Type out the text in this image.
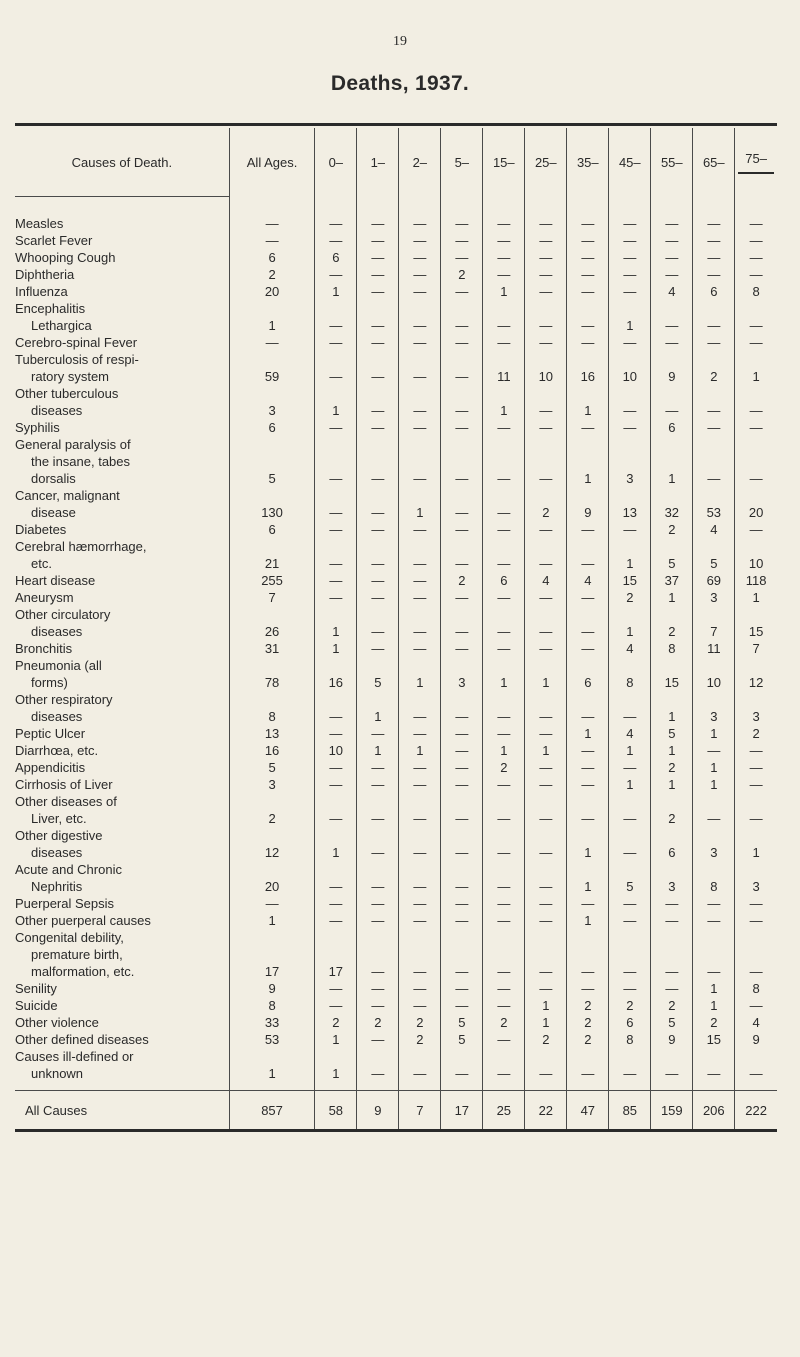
19
Deaths, 1937.

Causes of Death.	All Ages.	0–	1–	2–	5–	15–	25–	35–	45–	55–	65–	75–

Measles	—	—	—	—	—	—	—	—	—	—	—	—

Scarlet Fever	—	—	—	—	—	—	—	—	—	—	—	—

Whooping Cough	6	6	—	—	—	—	—	—	—	—	—	—

Diphtheria	2	—	—	—	2	—	—	—	—	—	—	—

Influenza	20	1	—	—	—	1	—	—	—	4	6	8

Encephalitis
Lethargica	1	—	—	—	—	—	—	—	1	—	—	—

Cerebro-spinal Fever	—	—	—	—	—	—	—	—	—	—	—	—

Tuberculosis of respi-
ratory system	59	—	—	—	—	11	10	16	10	9	2	1

Other tuberculous
diseases	3	1	—	—	—	1	—	1	—	—	—	—

Syphilis	6	—	—	—	—	—	—	—	—	6	—	—

General paralysis of
the insane, tabes
dorsalis	5	—	—	—	—	—	—	1	3	1	—	—

Cancer, malignant
disease	130	—	—	1	—	—	2	9	13	32	53	20

Diabetes	6	—	—	—	—	—	—	—	—	2	4	—

Cerebral hæmorrhage,
etc.	21	—	—	—	—	—	—	—	1	5	5	10

Heart disease	255	—	—	—	2	6	4	4	15	37	69	118

Aneurysm	7	—	—	—	—	—	—	—	2	1	3	1

Other circulatory
diseases	26	1	—	—	—	—	—	—	1	2	7	15

Bronchitis	31	1	—	—	—	—	—	—	4	8	11	7

Pneumonia (all
forms)	78	16	5	1	3	1	1	6	8	15	10	12

Other respiratory
diseases	8	—	1	—	—	—	—	—	—	1	3	3

Peptic Ulcer	13	—	—	—	—	—	—	1	4	5	1	2

Diarrhœa, etc.	16	10	1	1	—	1	1	—	1	1	—	—

Appendicitis	5	—	—	—	—	2	—	—	—	2	1	—

Cirrhosis of Liver	3	—	—	—	—	—	—	—	1	1	1	—

Other diseases of
Liver, etc.	2	—	—	—	—	—	—	—	—	2	—	—

Other digestive
diseases	12	1	—	—	—	—	—	1	—	6	3	1

Acute and Chronic
Nephritis	20	—	—	—	—	—	—	1	5	3	8	3

Puerperal Sepsis	—	—	—	—	—	—	—	—	—	—	—	—

Other puerperal causes	1	—	—	—	—	—	—	1	—	—	—	—

Congenital debility,
premature birth,
malformation, etc.	17	17	—	—	—	—	—	—	—	—	—	—

Senility	9	—	—	—	—	—	—	—	—	—	1	8

Suicide	8	—	—	—	—	—	1	2	2	2	1	—

Other violence	33	2	2	2	5	2	1	2	6	5	2	4

Other defined diseases	53	1	—	2	5	—	2	2	8	9	15	9

Causes ill-defined or
unknown	1	1	—	—	—	—	—	—	—	—	—	—

All Causes	857	58	9	7	17	25	22	47	85	159	206	222
